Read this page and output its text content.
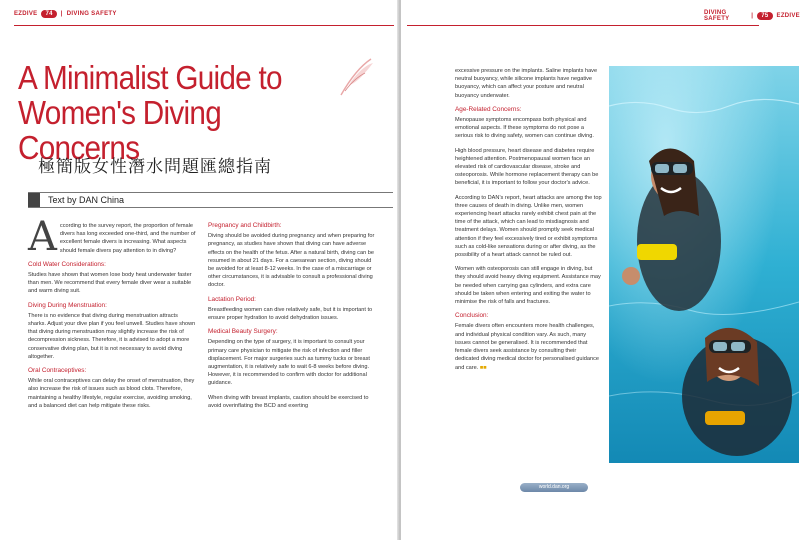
EZDIVE	74	| DIVING SAFETY
A Minimalist Guide to
Women's Diving Concerns
極簡版女性潛水問題匯總指南
Text by DAN China

According to the survey report, the proportion of female divers has long exceeded one-third, and the number of excellent female divers is increasing. What aspects should female divers pay attention to in diving?

Cold Water Considerations:

Studies have shown that women lose body heat underwater faster than men. We recommend that every female diver wear a suitable and warm diving suit.

Diving During Menstruation:

There is no evidence that diving during menstruation attracts sharks. Adjust your dive plan if you feel unwell. Studies have shown that diving during menstruation may slightly increase the risk of decompression sickness. Therefore, it is advised to adopt a more conservative diving plan, but it is not necessary to avoid diving altogether.

Oral Contraceptives:

While oral contraceptives can delay the onset of menstruation, they also increase the risk of issues such as blood clots. Therefore, maintaining a healthy lifestyle, regular exercise, avoiding smoking, and a balanced diet can help mitigate these risks.

Pregnancy and Childbirth:

Diving should be avoided during pregnancy and when preparing for pregnancy, as studies have shown that diving can have adverse effects on the health of the fetus. After a natural birth, diving can be resumed in about 21 days. For a caesarean section, diving should be avoided for at least 8-12 weeks. In the case of a miscarriage or other circumstances, it is advisable to consult a professional diving doctor.

Lactation Period:

Breastfeeding women can dive relatively safe, but it is important to ensure proper hydration to avoid dehydration issues.

Medical Beauty Surgery:

Depending on the type of surgery, it is important to consult your primary care physician to mitigate the risk of infection and filler displacement. For major surgeries such as tummy tucks or breast augmentation, it is relatively safe to wait 6-8 weeks before diving. However, it is recommended to confirm with doctor for additional guidance.

When diving with breast implants, caution should be exercised to avoid overinflating the BCD and exerting

DIVING SAFETY	|	75	EZDIVE

excessive pressure on the implants. Saline implants have neutral buoyancy, while silicone implants have negative buoyancy, which can affect your posture and neutral buoyancy underwater.

Age-Related Concerns:

Menopause symptoms encompass both physical and emotional aspects. If these symptoms do not pose a serious risk to diving safety, women can continue diving.

High blood pressure, heart disease and diabetes require heightened attention. Postmenopausal women face an elevated risk of cardiovascular disease, stroke and osteoporosis. While hormone replacement therapy can be beneficial, it is important to follow your doctor's advice.

According to DAN's report, heart attacks are among the top three causes of death in diving. Unlike men, women experiencing heart attacks rarely exhibit chest pain at the time of the attack, which can lead to misdiagnosis and treatment delays. Women should promptly seek medical attention if they feel excessively tired or exhibit symptoms such as cold-like sensations during or after diving, as the possibility of a heart attack cannot be ruled out.

Women with osteoporosis can still engage in diving, but they should avoid heavy diving equipment. Assistance may be needed when carrying gas cylinders, and extra care should be taken when entering and exiting the water to minimise the risk of falls and fractures.

Conclusion:

Female divers often encounters more health challenges, and individual physical condition vary. As such, many issues cannot be generalised. It is recommended that female divers seek assistance by consulting their dedicated diving medical doctor for personalised guidance and care. ■■

world.dan.org
